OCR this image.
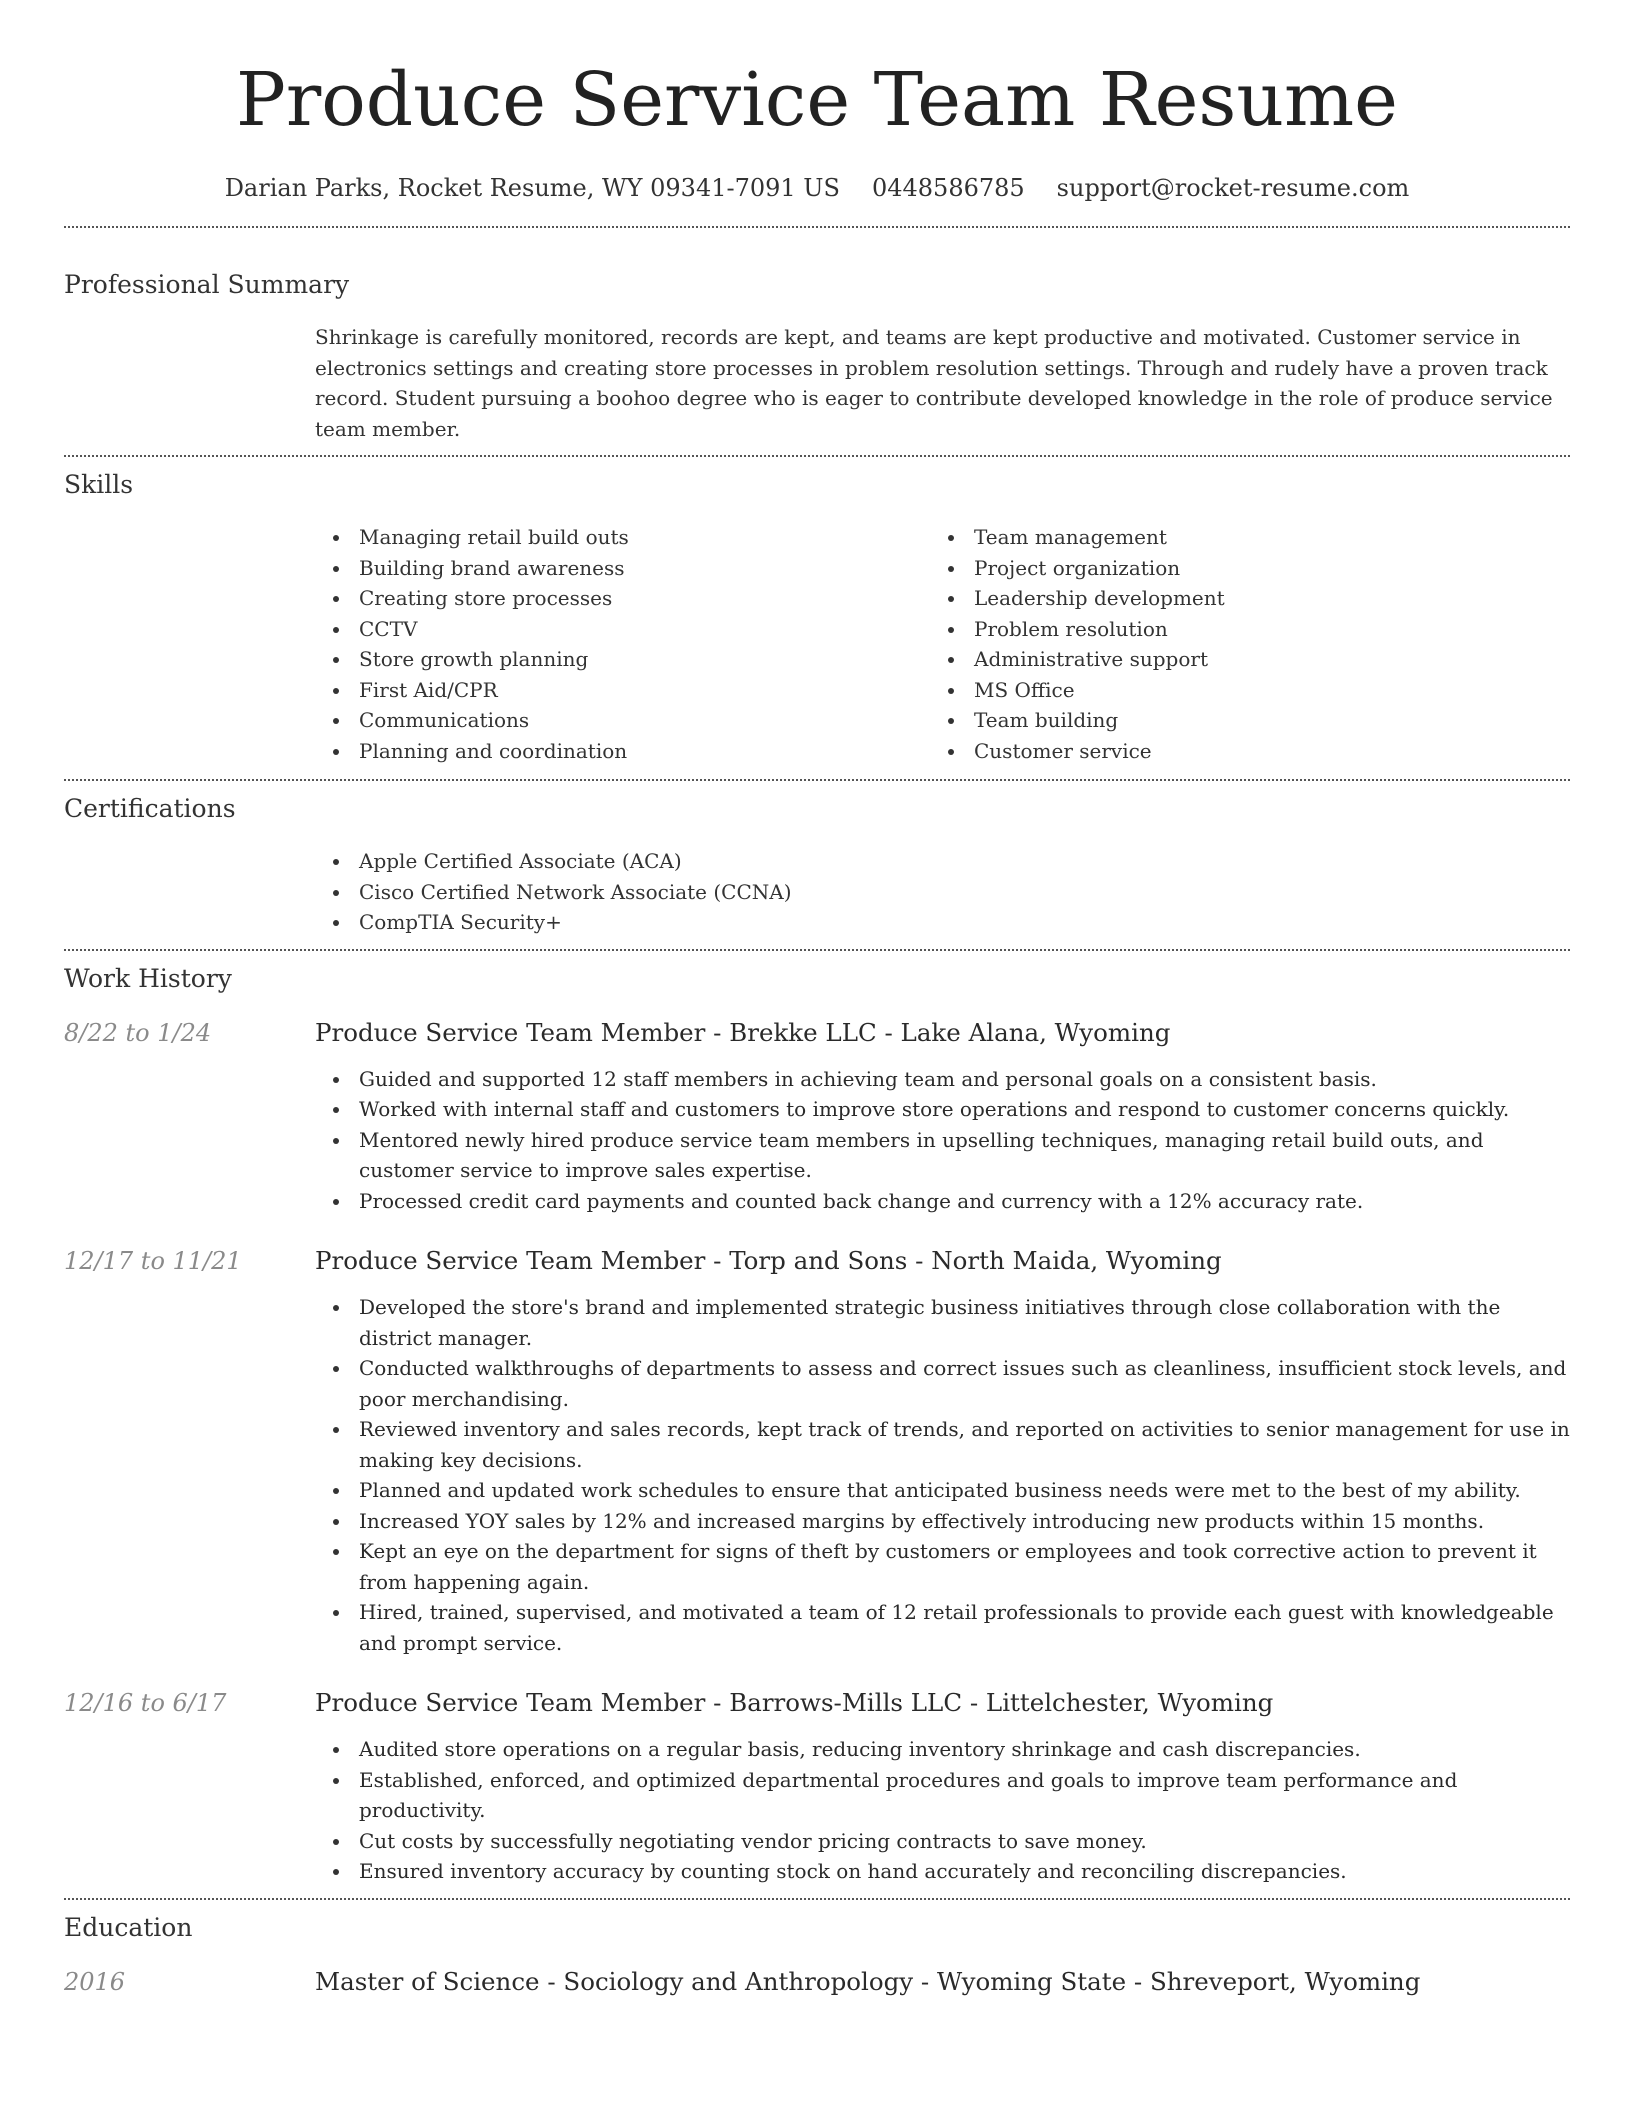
Produce Service Team Resume
Darian Parks, Rocket Resume, WY 09341-7091 US 0448586785 support@rocket-resume.com
Professional Summary

Shrinkage is carefully monitored, records are kept, and teams are kept productive and motivated. Customer service in electronics settings and creating store processes in problem resolution settings. Through and rudely have a proven track record. Student pursuing a boohoo degree who is eager to contribute developed knowledge in the role of produce service team member.

Skills
Managing retail build outs
Building brand awareness
Creating store processes
CCTV
Store growth planning
First Aid/CPR
Communications
Planning and coordination
Team management
Project organization
Leadership development
Problem resolution
Administrative support
MS Office
Team building
Customer service
Certifications
Apple Certified Associate (ACA)
Cisco Certified Network Associate (CCNA)
CompTIA Security+
Work History
8/22 to 1/24	Produce Service Team Member - Brekke LLC - Lake Alana, Wyoming
Guided and supported 12 staff members in achieving team and personal goals on a consistent basis.
Worked with internal staff and customers to improve store operations and respond to customer concerns quickly.
Mentored newly hired produce service team members in upselling techniques, managing retail build outs, and customer service to improve sales expertise.
Processed credit card payments and counted back change and currency with a 12% accuracy rate.
12/17 to 11/21	Produce Service Team Member - Torp and Sons - North Maida, Wyoming
Developed the store's brand and implemented strategic business initiatives through close collaboration with the district manager.
Conducted walkthroughs of departments to assess and correct issues such as cleanliness, insufficient stock levels, and poor merchandising.
Reviewed inventory and sales records, kept track of trends, and reported on activities to senior management for use in making key decisions.
Planned and updated work schedules to ensure that anticipated business needs were met to the best of my ability.
Increased YOY sales by 12% and increased margins by effectively introducing new products within 15 months.
Kept an eye on the department for signs of theft by customers or employees and took corrective action to prevent it from happening again.
Hired, trained, supervised, and motivated a team of 12 retail professionals to provide each guest with knowledgeable and prompt service.
12/16 to 6/17	Produce Service Team Member - Barrows-Mills LLC - Littelchester, Wyoming
Audited store operations on a regular basis, reducing inventory shrinkage and cash discrepancies.
Established, enforced, and optimized departmental procedures and goals to improve team performance and productivity.
Cut costs by successfully negotiating vendor pricing contracts to save money.
Ensured inventory accuracy by counting stock on hand accurately and reconciling discrepancies.
Education
2016	Master of Science - Sociology and Anthropology - Wyoming State - Shreveport, Wyoming
